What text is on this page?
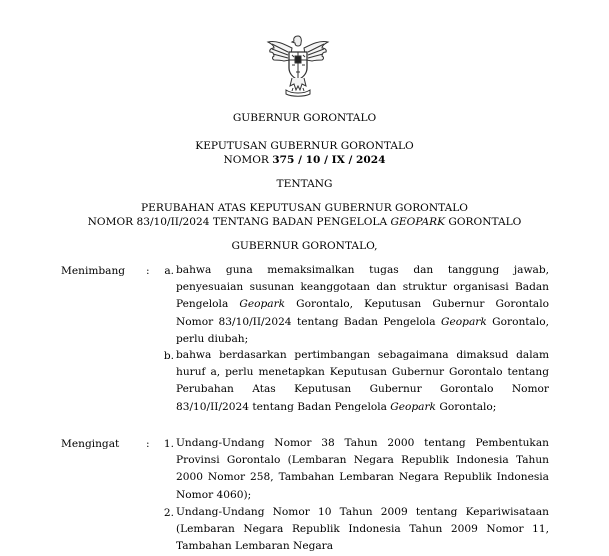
GUBERNUR GORONTALO
KEPUTUSAN GUBERNUR GORONTALO
NOMOR 375 / 10 / IX / 2024
TENTANG
PERUBAHAN ATAS KEPUTUSAN GUBERNUR GORONTALO
NOMOR 83/10/II/2024 TENTANG BADAN PENGELOLA GEOPARK GORONTALO
GUBERNUR GORONTALO,
Menimbang :	a. bahwa guna memaksimalkan tugas dan tanggung jawab, penyesuaian susunan keanggotaan dan struktur organisasi Badan Pengelola Geopark Gorontalo, Keputusan Gubernur Gorontalo Nomor 83/10/II/2024 tentang Badan Pengelola Geopark Gorontalo, perlu diubah;
b. bahwa berdasarkan pertimbangan sebagaimana dimaksud dalam huruf a, perlu menetapkan Keputusan Gubernur Gorontalo tentang Perubahan Atas Keputusan Gubernur Gorontalo Nomor 83/10/II/2024 tentang Badan Pengelola Geopark Gorontalo;
Mengingat	:	1. Undang-Undang Nomor 38 Tahun 2000 tentang Pembentukan Provinsi Gorontalo (Lembaran Negara Republik Indonesia Tahun 2000 Nomor 258, Tambahan Lembaran Negara Republik Indonesia Nomor 4060);
2. Undang-Undang Nomor 10 Tahun 2009 tentang Kepariwisataan (Lembaran Negara Republik Indonesia Tahun 2009 Nomor 11, Tambahan Lembaran Negara
